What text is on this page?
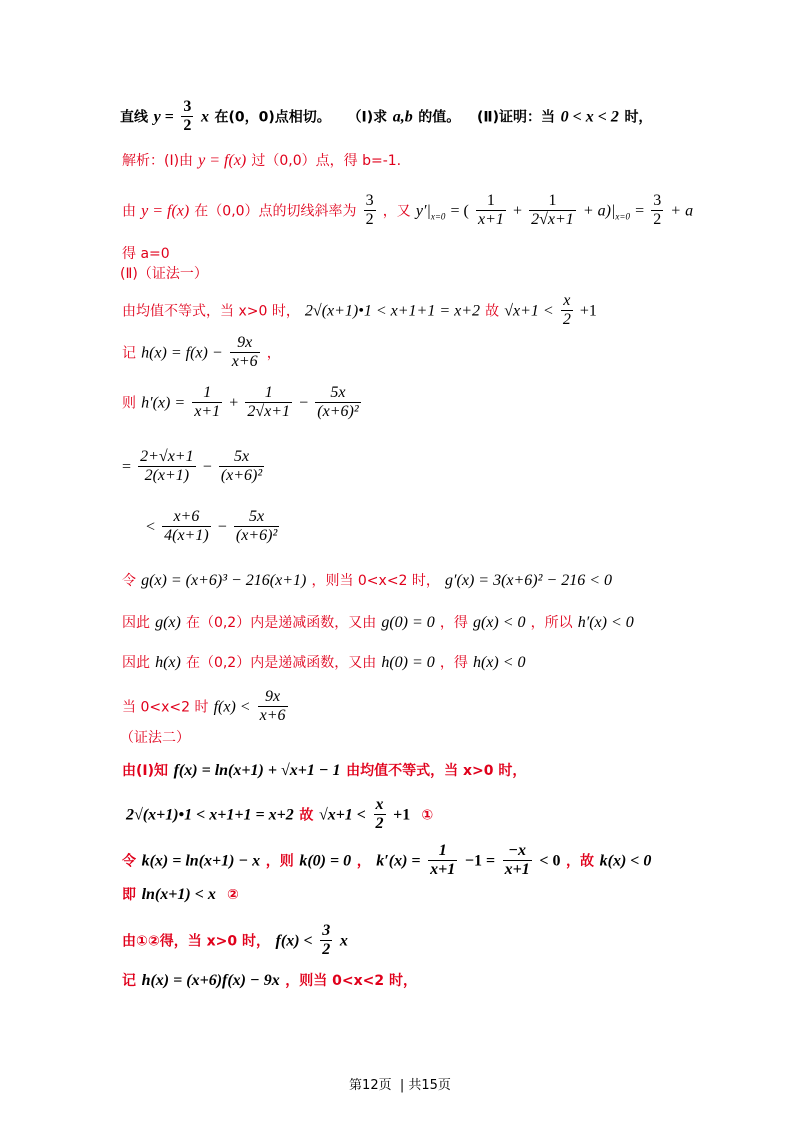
直线 $y = \frac{3}{2}$ x 在(0，0)点相切。 （Ⅰ)求 a,b 的值。 (Ⅱ)证明：当 0 < x < 2 时，
解析：(Ⅰ)由 y = f(x) 过（0,0）点，得 b=-1.
由 y = f(x) 在（0,0）点的切线斜率为 $\frac{3}{2}$ ，又 $y'|_{x=0}$ = ( $\frac{1}{x+1} + \frac{1}{2√x+1} + a)|_{x=0} = \frac{3}{2} + a$
得 a=0
(Ⅱ)（证法一）
由均值不等式，当 x>0 时， 2√(x+1)•1 < x+1+1 = x+2 故 $√x+1 < \frac{x}{2} +1$
记 $h(x) = f(x) - \frac{9x}{x+6}$ ，
则 $h'(x) = \frac{1}{x+1} + \frac{1}{2√x+1} - \frac{5x}{\text{(x+6)²}}$
= $\frac{2+√x+1}{2(x+1)} - \frac{5x}{\text{(x+6)²}}$
< $\frac{x+6}{4(x+1)} - \frac{5x}{\text{(x+6)²}}$
令 g(x) = (x+6)³ − 216(x+1) ，则当 0<x<2 时， g′(x) = 3(x+6)² − 216 < 0
因此 g(x) 在（0,2）内是递减函数，又由 g(0) = 0 ，得 g(x) < 0 ，所以 h′(x) < 0
因此 h(x) 在（0,2）内是递减函数，又由 h(0) = 0 ，得 h(x) < 0
当 0<x<2 时 $f(x) < \frac{9x}{x+6}$
（证法二）
由(Ⅰ)知 f(x) = ln(x+1) + √x+1 − 1 由均值不等式，当 x>0 时，
2√(x+1)•1 < x+1+1 = x+2 故 $√x+1 < \frac{x}{2} +1$ ①
令 k(x) = ln(x+1) − x ，则 k(0) = 0 ， $k'(x) = \frac{1}{x+1} -1 = \frac{-x}{x+1} < 0$ ，故 k(x) < 0
即 ln(x+1) < x ②
由①②得，当 x>0 时， $f(x) < \frac{3}{2}$ x
记 h(x) = (x+6)f(x) − 9x ，则当 0<x<2 时，
第12页 | 共15页
